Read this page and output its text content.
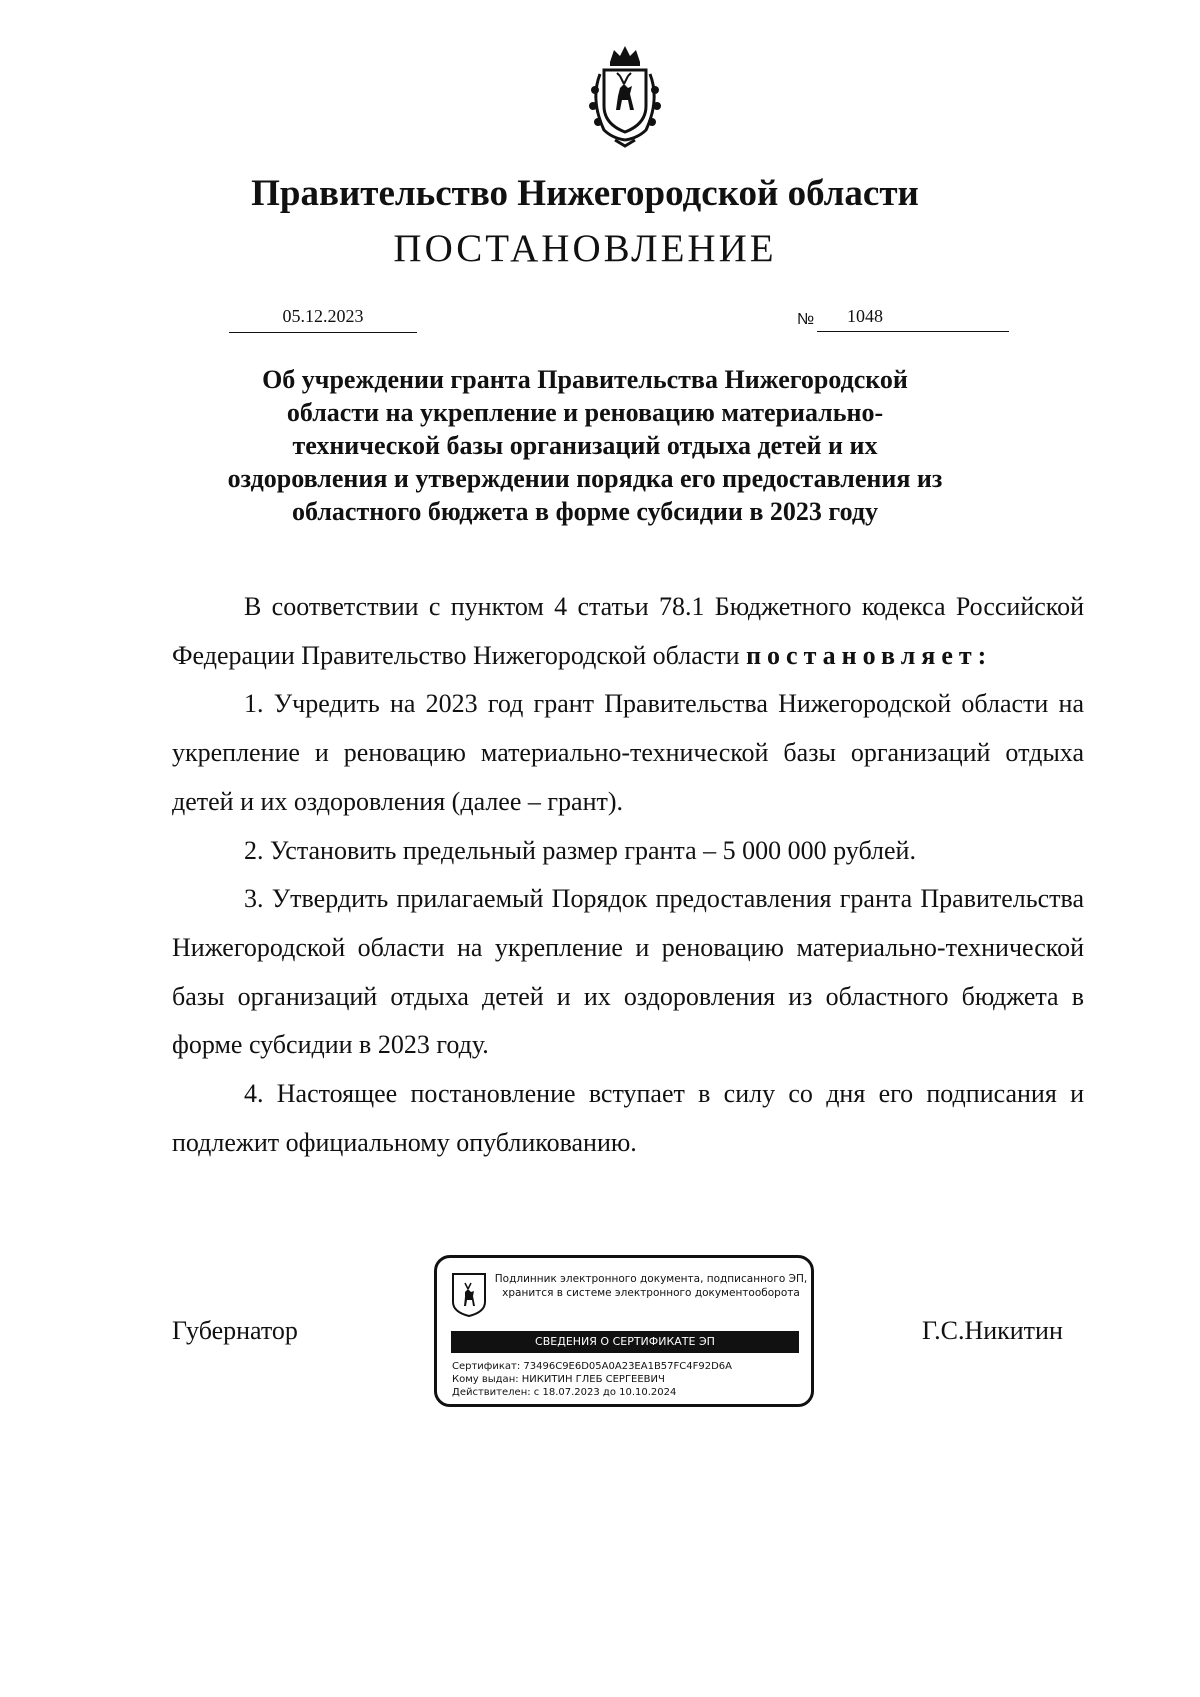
Правительство Нижегородской области
ПОСТАНОВЛЕНИЕ
05.12.2023	№	1048
Об учреждении гранта Правительства Нижегородской
области на укрепление и реновацию материально-
технической базы организаций отдыха детей и их
оздоровления и утверждении порядка его предоставления из
областного бюджета в форме субсидии в 2023 году

В соответствии с пунктом 4 статьи 78.1 Бюджетного кодекса Российской Федерации Правительство Нижегородской области постановляет:

1. Учредить на 2023 год грант Правительства Нижегородской области на укрепление и реновацию материально-технической базы организаций отдыха детей и их оздоровления (далее – грант).

2. Установить предельный размер гранта – 5 000 000 рублей.

3. Утвердить прилагаемый Порядок предоставления гранта Правительства Нижегородской области на укрепление и реновацию материально-технической базы организаций отдыха детей и их оздоровления из областного бюджета в форме субсидии в 2023 году.

4. Настоящее постановление вступает в силу со дня его подписания и подлежит официальному опубликованию.

Губернатор
Подлинник электронного документа, подписанного ЭП,
хранится в системе электронного документооборота
СВЕДЕНИЯ О СЕРТИФИКАТЕ ЭП
Сертификат: 73496C9E6D05A0A23EA1B57FC4F92D6A
Кому выдан: НИКИТИН ГЛЕБ СЕРГЕЕВИЧ
Действителен: с 18.07.2023 до 10.10.2024
Г.С.Никитин
